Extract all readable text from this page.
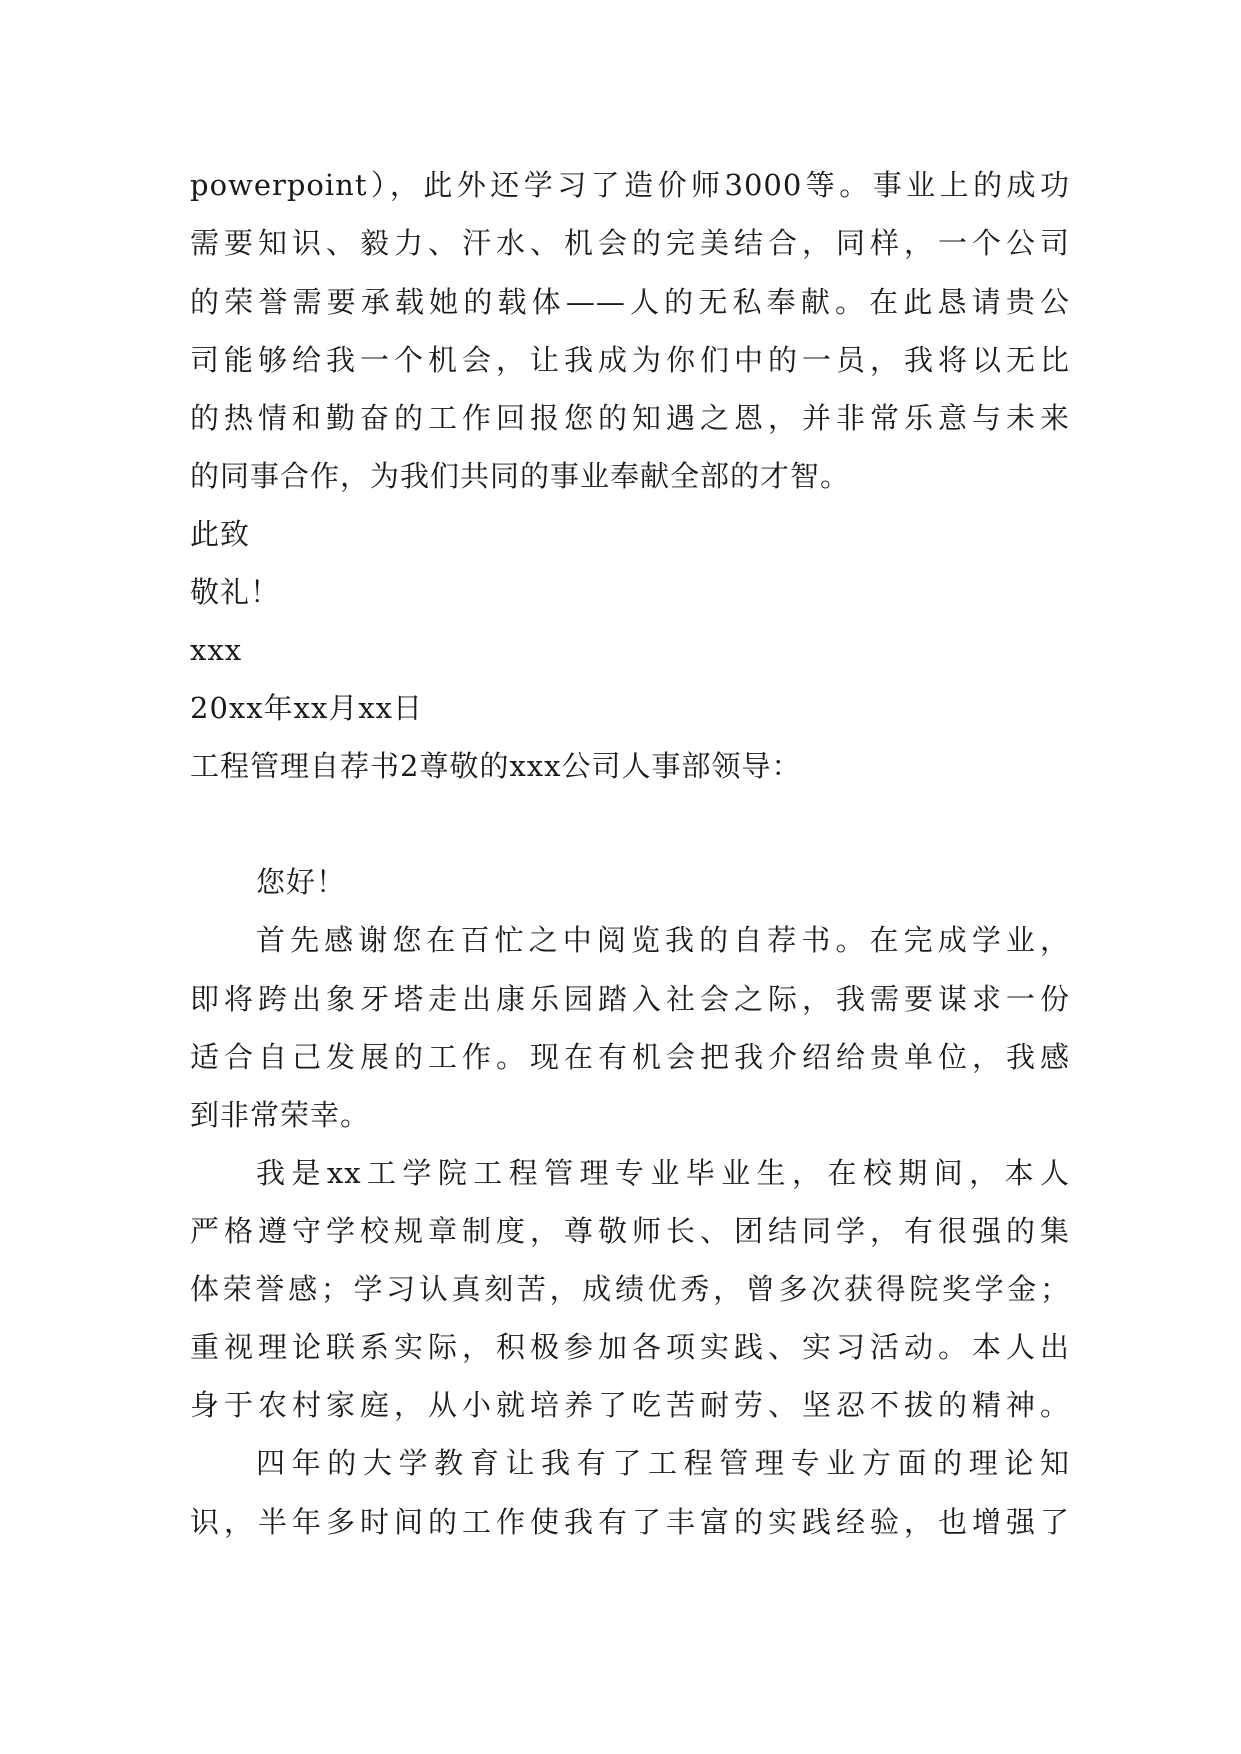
powerpoint），此外还学习了造价师3000等。事业上的成功
需要知识、毅力、汗水、机会的完美结合，同样，一个公司
的荣誉需要承载她的载体——人的无私奉献。在此恳请贵公
司能够给我一个机会，让我成为你们中的一员，我将以无比
的热情和勤奋的工作回报您的知遇之恩，并非常乐意与未来
的同事合作，为我们共同的事业奉献全部的才智。
此致
敬礼！
xxx
20xx年xx月xx日
工程管理自荐书2尊敬的xxx公司人事部领导：
您好！
首先感谢您在百忙之中阅览我的自荐书。在完成学业，
即将跨出象牙塔走出康乐园踏入社会之际，我需要谋求一份
适合自己发展的工作。现在有机会把我介绍给贵单位，我感
到非常荣幸。
我是xx工学院工程管理专业毕业生，在校期间，本人
严格遵守学校规章制度，尊敬师长、团结同学，有很强的集
体荣誉感；学习认真刻苦，成绩优秀，曾多次获得院奖学金；
重视理论联系实际，积极参加各项实践、实习活动。本人出
身于农村家庭，从小就培养了吃苦耐劳、坚忍不拔的精神。
四年的大学教育让我有了工程管理专业方面的理论知
识，半年多时间的工作使我有了丰富的实践经验，也增强了
